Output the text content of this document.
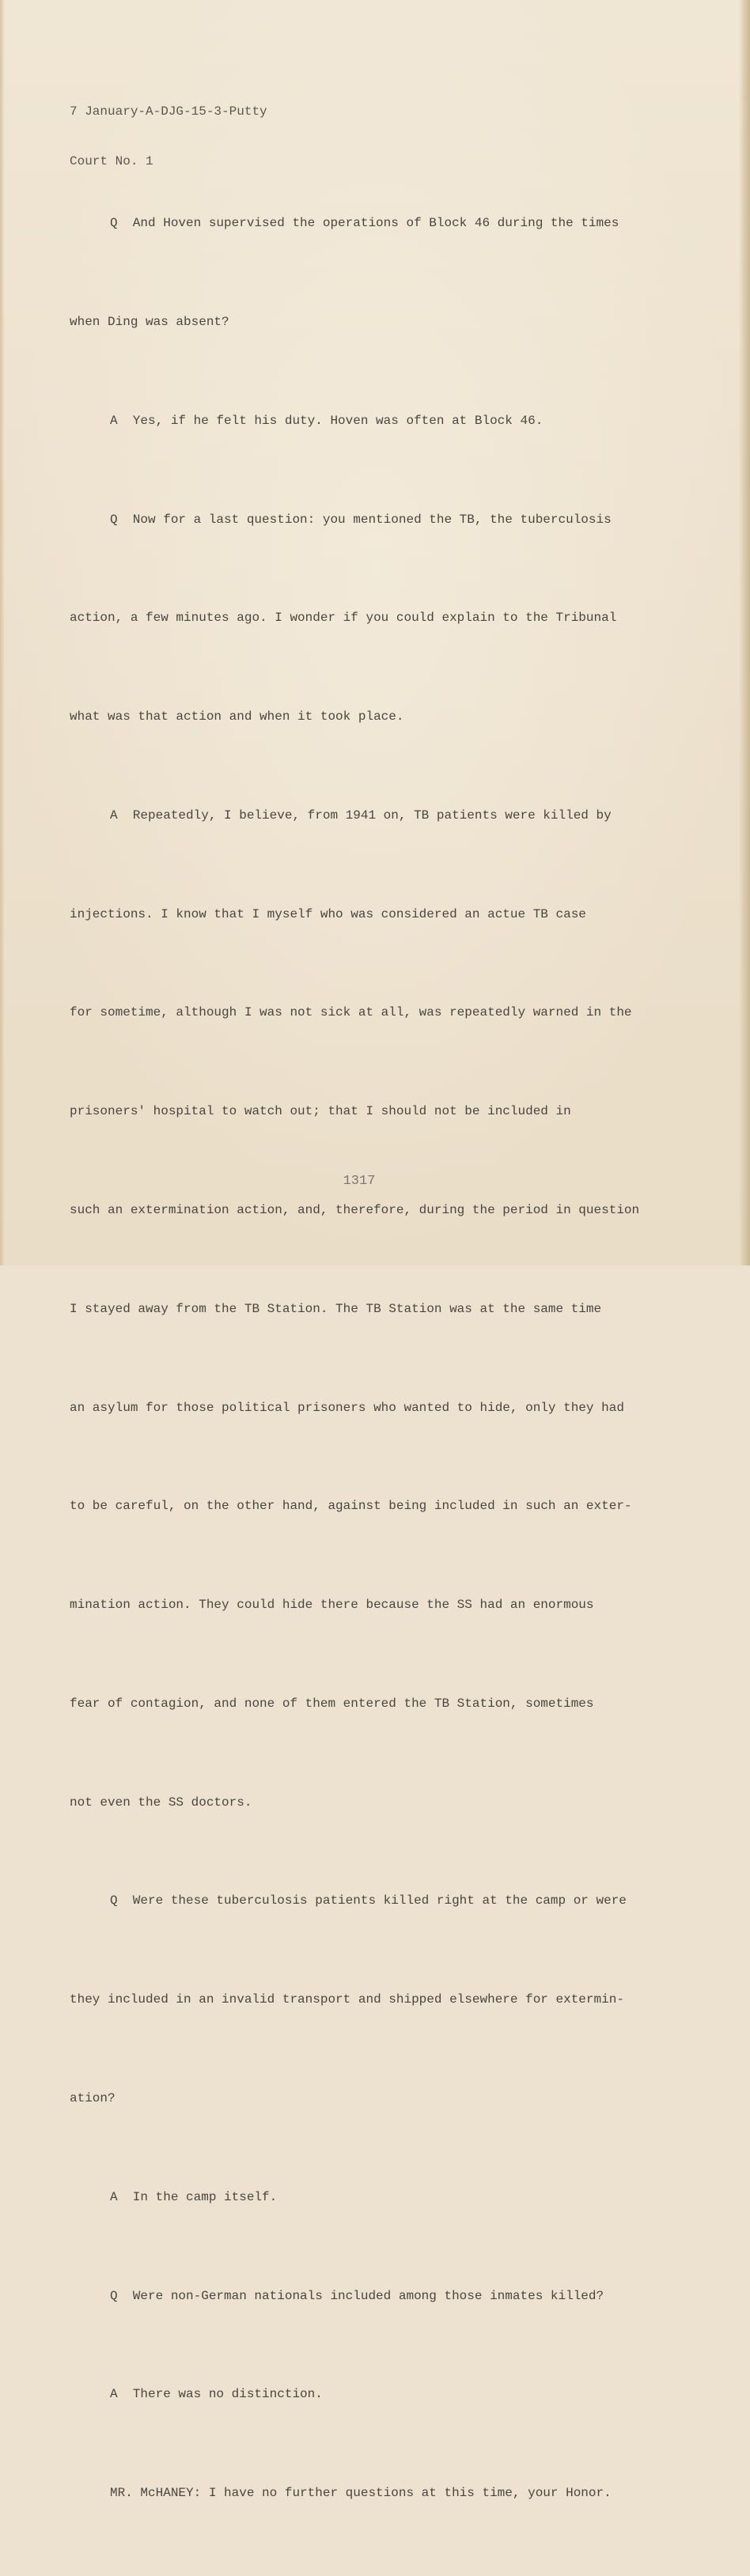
7 January-A-DJG-15-3-Putty

Court No. 1

Q  And Hoven supervised the operations of Block 46 during the times

when Ding was absent?

A  Yes, if he felt his duty. Hoven was often at Block 46.

Q  Now for a last question: you mentioned the TB, the tuberculosis

action, a few minutes ago. I wonder if you could explain to the Tribunal

what was that action and when it took place.

A  Repeatedly, I believe, from 1941 on, TB patients were killed by

injections. I know that I myself who was considered an actue TB case

for sometime, although I was not sick at all, was repeatedly warned in the

prisoners' hospital to watch out; that I should not be included in

such an extermination action, and, therefore, during the period in question

I stayed away from the TB Station. The TB Station was at the same time

an asylum for those political prisoners who wanted to hide, only they had

to be careful, on the other hand, against being included in such an exter-

mination action. They could hide there because the SS had an enormous

fear of contagion, and none of them entered the TB Station, sometimes

not even the SS doctors.

Q  Were these tuberculosis patients killed right at the camp or were

they included in an invalid transport and shipped elsewhere for extermin-

ation?

A  In the camp itself.

Q  Were non-German nationals included among those inmates killed?

A  There was no distinction.

MR. McHANEY: I have no further questions at this time, your Honor.

1317
